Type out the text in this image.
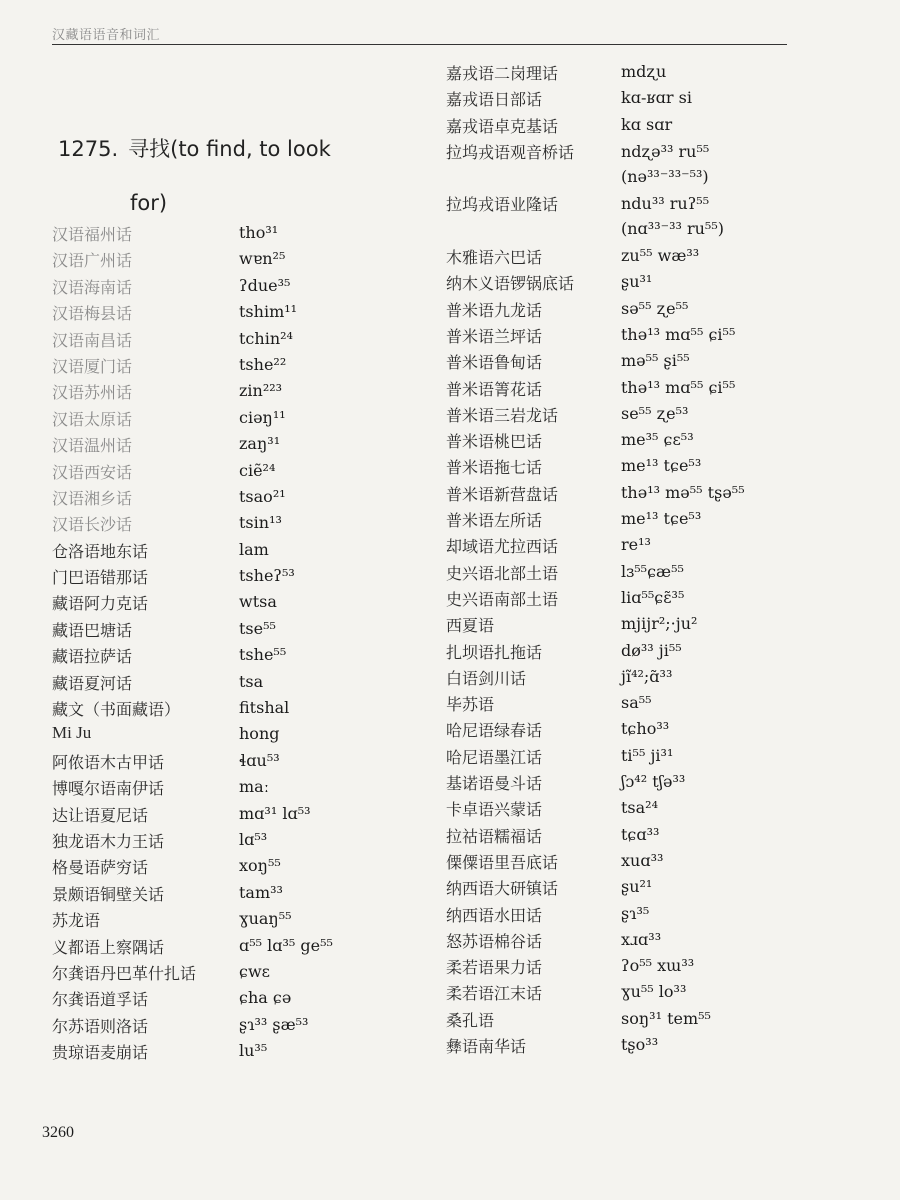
汉藏语语音和词汇
1275. 寻找(to find, to look
for)
汉语福州话	tho³¹
汉语广州话	wɐn²⁵
汉语海南话	ʔdue³⁵
汉语梅县话	tshim¹¹
汉语南昌话	tchin²⁴
汉语厦门话	tshe²²
汉语苏州话	zin²²³
汉语太原话	ciəŋ¹¹
汉语温州话	zaŋ³¹
汉语西安话	ciẽ²⁴
汉语湘乡话	tsao²¹
汉语长沙话	tsin¹³
仓洛语地东话	lam
门巴语错那话	tsheʔ⁵³
藏语阿力克话	wtsa
藏语巴塘话	tse⁵⁵
藏语拉萨话	tshe⁵⁵
藏语夏河话	tsa
藏文（书面藏语）	fitshal
Mi Ju	hong
阿侬语木古甲话	ɬɑu⁵³
博嘎尔语南伊话	maː
达让语夏尼话	mɑ³¹ lɑ⁵³
独龙语木力王话	lɑ⁵³
格曼语萨穷话	xoŋ⁵⁵
景颇语铜壁关话	tam³³
苏龙语	ɣuaŋ⁵⁵
义都语上察隅话	ɑ⁵⁵ lɑ³⁵ ge⁵⁵
尔龚语丹巴革什扎话	ɕwɛ
尔龚语道孚话	ɕha ɕə
尔苏语则洛话	ʂɿ³³ ʂæ⁵³
贵琼语麦崩话	lu³⁵
嘉戎语二岗理话	mdʐu
嘉戎语日部话	kɑ-ʁɑr si
嘉戎语卓克基话	kɑ sɑr
拉坞戎语观音桥话	ndʐə³³ ru⁵⁵
(nə³³⁻³³⁻⁵³)
拉坞戎语业隆话	ndu³³ ruʔ⁵⁵
(nɑ³³⁻³³ ru⁵⁵)
木雅语六巴话	zu⁵⁵ wæ³³
纳木义语锣锅底话	ʂu³¹
普米语九龙话	sə⁵⁵ ʐe⁵⁵
普米语兰坪话	thə¹³ mɑ⁵⁵ ɕi⁵⁵
普米语鲁甸话	mə⁵⁵ ʂi⁵⁵
普米语箐花话	thə¹³ mɑ⁵⁵ ɕi⁵⁵
普米语三岩龙话	se⁵⁵ ʐe⁵³
普米语桃巴话	me³⁵ ɕɛ⁵³
普米语拖七话	me¹³ tɕe⁵³
普米语新营盘话	thə¹³ mə⁵⁵ tʂə⁵⁵
普米语左所话	me¹³ tɕe⁵³
却域语尤拉西话	re¹³
史兴语北部土语	lɜ⁵⁵ɕæ⁵⁵
史兴语南部土语	liɑ⁵⁵ɕɛ̃³⁵
西夏语	mjijr²;·ju²
扎坝语扎拖话	dø³³ ji⁵⁵
白语剑川话	jĩ⁴²;ɑ̃³³
毕苏语	sa⁵⁵
哈尼语绿春话	tɕho³³
哈尼语墨江话	ti⁵⁵ ji³¹
基诺语曼斗话	ʃɔ⁴² tʃə³³
卡卓语兴蒙话	tsa²⁴
拉祜语糯福话	tɕɑ³³
傈僳语里吾底话	xuɑ³³
纳西语大研镇话	ʂu²¹
纳西语水田话	ʂɿ³⁵
怒苏语棉谷话	xɹɑ³³
柔若语果力话	ʔo⁵⁵ xɯ³³
柔若语江末话	ɣu⁵⁵ lo³³
桑孔语	soŋ³¹ tem⁵⁵
彝语南华话	tʂo³³
3260
